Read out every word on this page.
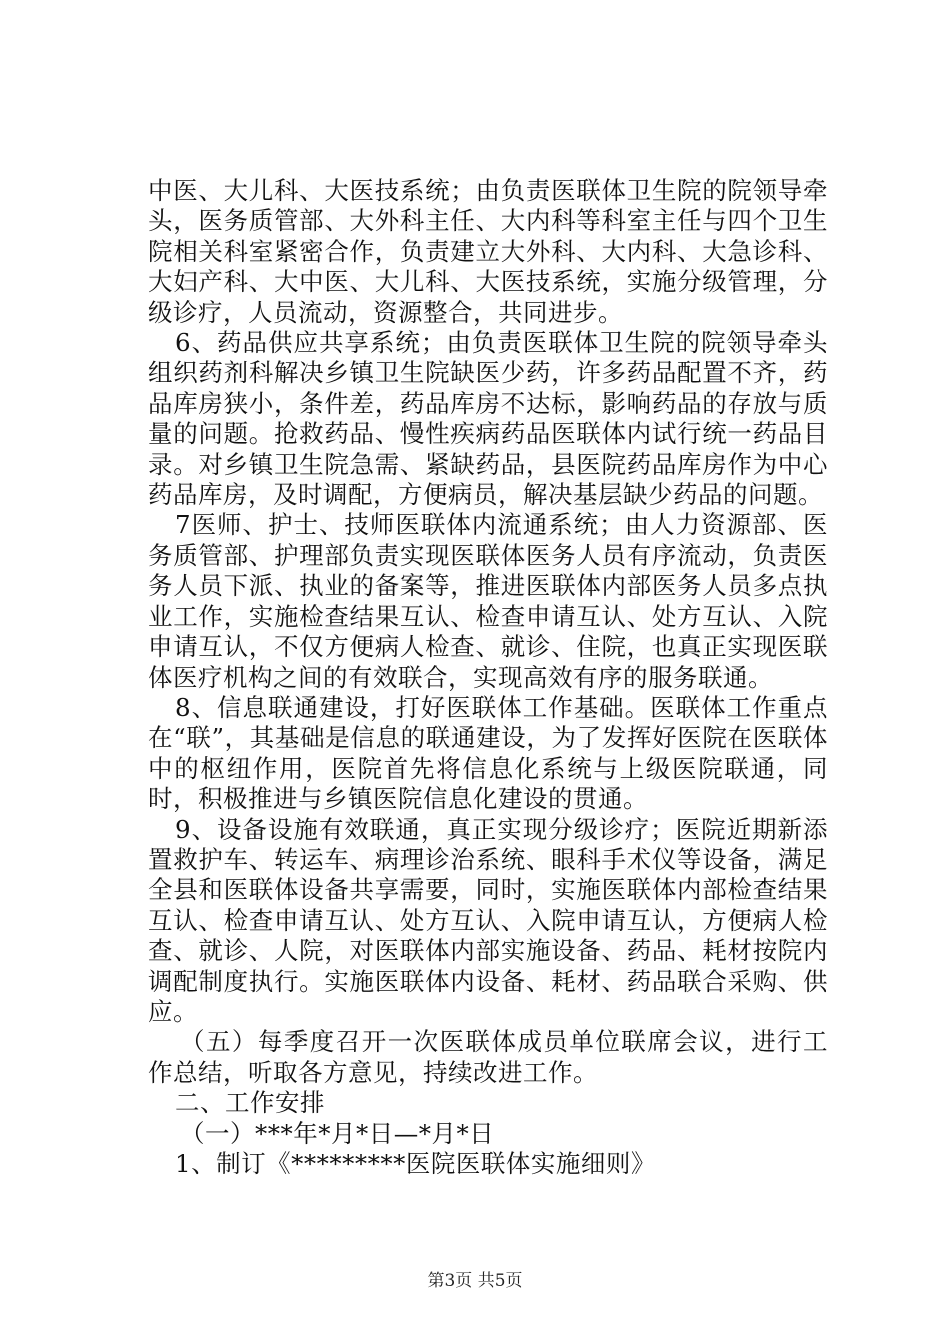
中医、大儿科、大医技系统；由负责医联体卫生院的院领导牵头，医务质管部、大外科主任、大内科等科室主任与四个卫生院相关科室紧密合作，负责建立大外科、大内科、大急诊科、大妇产科、大中医、大儿科、大医技系统，实施分级管理，分级诊疗，人员流动，资源整合，共同进步。

6、药品供应共享系统；由负责医联体卫生院的院领导牵头组织药剂科解决乡镇卫生院缺医少药，许多药品配置不齐，药品库房狭小，条件差，药品库房不达标，影响药品的存放与质量的问题。抢救药品、慢性疾病药品医联体内试行统一药品目录。对乡镇卫生院急需、紧缺药品，县医院药品库房作为中心药品库房，及时调配，方便病员，解决基层缺少药品的问题。

7医师、护士、技师医联体内流通系统；由人力资源部、医务质管部、护理部负责实现医联体医务人员有序流动，负责医务人员下派、执业的备案等，推进医联体内部医务人员多点执业工作，实施检查结果互认、检查申请互认、处方互认、入院申请互认，不仅方便病人检查、就诊、住院，也真正实现医联体医疗机构之间的有效联合，实现高效有序的服务联通。

8、信息联通建设，打好医联体工作基础。医联体工作重点在“联”，其基础是信息的联通建设，为了发挥好医院在医联体中的枢纽作用，医院首先将信息化系统与上级医院联通，同时，积极推进与乡镇医院信息化建设的贯通。

9、设备设施有效联通，真正实现分级诊疗；医院近期新添置救护车、转运车、病理诊治系统、眼科手术仪等设备，满足全县和医联体设备共享需要，同时，实施医联体内部检查结果互认、检查申请互认、处方互认、入院申请互认，方便病人检查、就诊、人院，对医联体内部实施设备、药品、耗材按院内调配制度执行。实施医联体内设备、耗材、药品联合采购、供应。

（五）每季度召开一次医联体成员单位联席会议，进行工作总结，听取各方意见，持续改进工作。

二、工作安排

（一）***年*月*日—*月*日

1、制订《*********医院医联体实施细则》

第3页 共5页
